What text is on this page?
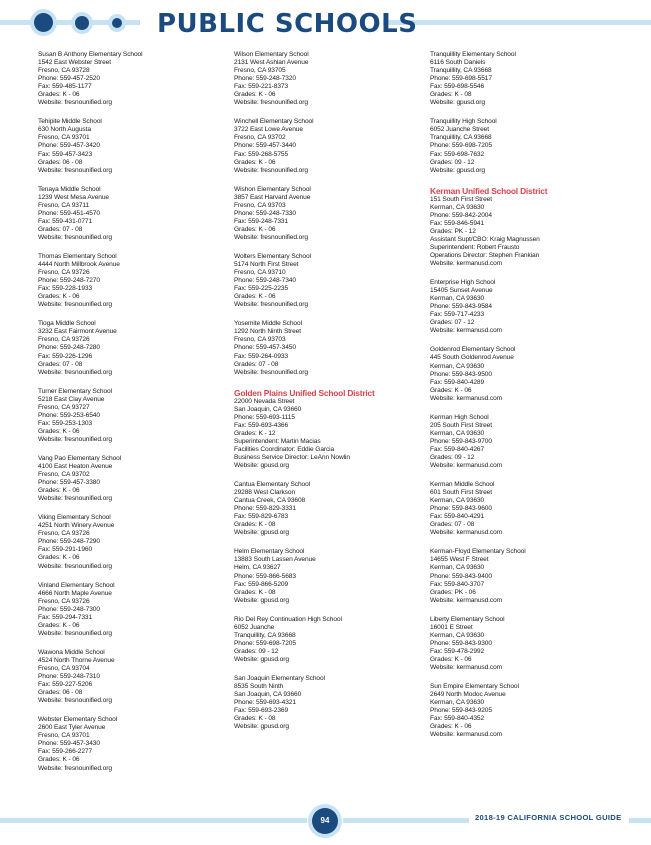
PUBLIC SCHOOLS
Susan B Anthony Elementary School
1542 East Webster Street
Fresno, CA 93728
Phone: 559-457-2520
Fax: 559-485-1177
Grades: K - 06
Website: fresnounified.org
Tehipite Middle School
630 North Augusta
Fresno, CA 93701
Phone: 559-457-3420
Fax: 559-457-3423
Grades: 06 - 08
Website: fresnounified.org
Tenaya Middle School
1239 West Mesa Avenue
Fresno, CA 93711
Phone: 559-451-4570
Fax: 559-431-0771
Grades: 07 - 08
Website: fresnounified.org
Thomas Elementary School
4444 North Millbrook Avenue
Fresno, CA 93726
Phone: 559-248-7270
Fax: 559-228-1933
Grades: K - 06
Website: fresnounified.org
Tioga Middle School
3232 East Fairmont Avenue
Fresno, CA 93726
Phone: 559-248-7280
Fax: 559-226-1296
Grades: 07 - 08
Website: fresnounified.org
Turner Elementary School
5218 East Clay Avenue
Fresno, CA 93727
Phone: 559-253-6540
Fax: 559-253-1303
Grades: K - 06
Website: fresnounified.org
Vang Pao Elementary School
4100 East Heaton Avenue
Fresno, CA 93702
Phone: 559-457-3380
Grades: K - 06
Website: fresnounified.org
Viking Elementary School
4251 North Winery Avenue
Fresno, CA 93726
Phone: 559-248-7290
Fax: 559-291-1960
Grades: K - 06
Website: fresnounified.org
Vinland Elementary School
4666 North Maple Avenue
Fresno, CA 93726
Phone: 559-248-7300
Fax: 559-294-7331
Grades: K - 06
Website: fresnounified.org
Wawona Middle School
4524 North Thorne Avenue
Fresno, CA 93704
Phone: 559-248-7310
Fax: 559-227-5206
Grades: 06 - 08
Website: fresnounified.org
Webster Elementary School
2600 East Tyler Avenue
Fresno, CA 93701
Phone: 559-457-3430
Fax: 559-266-2277
Grades: K - 06
Website: fresnounified.org
Wilson Elementary School
2131 West Ashlan Avenue
Fresno, CA 93705
Phone: 559-248-7320
Fax: 559-221-8373
Grades: K - 06
Website: fresnounified.org
Winchell Elementary School
3722 East Lowe Avenue
Fresno, CA 93702
Phone: 559-457-3440
Fax: 559-268-5755
Grades: K - 06
Website: fresnounified.org
Wishon Elementary School
3857 East Harvard Avenue
Fresno, CA 93703
Phone: 559-248-7330
Fax: 559-248-7331
Grades: K - 06
Website: fresnounified.org
Wolters Elementary School
5174 North First Street
Fresno, CA 93710
Phone: 559-248-7340
Fax: 559-225-2235
Grades: K - 06
Website: fresnounified.org
Yosemite Middle School
1292 North Ninth Street
Fresno, CA 93703
Phone: 559-457-3450
Fax: 559-264-0933
Grades: 07 - 08
Website: fresnounified.org
Golden Plains Unified School District
22000 Nevada Street
San Joaquin, CA 93660
Phone: 559-693-1115
Fax: 559-693-4366
Grades: K - 12
Superintendent: Martin Macias
Facilities Coordinator: Eddie Garcia
Business Service Director: LeAnn Nowlin
Website: gpusd.org
Cantua Elementary School
29288 West Clarkson
Cantua Creek, CA 93608
Phone: 559-829-3331
Fax: 559-829-6783
Grades: K - 08
Website: gpusd.org
Helm Elementary School
13883 South Lassen Avenue
Helm, CA 93627
Phone: 559-866-5683
Fax: 559-866-5209
Grades: K - 08
Website: gpusd.org
Rio Del Rey Continuation High School
6052 Juanche
Tranquillity, CA 93668
Phone: 559-698-7205
Grades: 09 - 12
Website: gpusd.org
San Joaquin Elementary School
8535 South Ninth
San Joaquin, CA 93660
Phone: 559-693-4321
Fax: 559-693-2369
Grades: K - 08
Website: gpusd.org
Tranquillity Elementary School
6116 South Daniels
Tranquillity, CA 93668
Phone: 559-698-5517
Fax: 559-698-5546
Grades: K - 08
Website: gpusd.org
Tranquillity High School
6052 Juanche Street
Tranquillity, CA 93668
Phone: 559-698-7205
Fax: 559-698-7632
Grades: 09 - 12
Website: gpusd.org
Kerman Unified School District
151 South First Street
Kerman, CA 93630
Phone: 559-842-2004
Fax: 559-846-5941
Grades: PK - 12
Assistant Supt/CBO: Kraig Magnussen
Superintendent: Robert Frausto
Operations Director: Stephen Frankian
Website: kermanusd.com
Enterprise High School
15405 Sunset Avenue
Kerman, CA 93630
Phone: 559-843-9584
Fax: 559-717-4233
Grades: 07 - 12
Website: kermanusd.com
Goldenrod Elementary School
445 South Goldenrod Avenue
Kerman, CA 93630
Phone: 559-843-9500
Fax: 559-840-4289
Grades: K - 06
Website: kermanusd.com
Kerman High School
205 South First Street
Kerman, CA 93630
Phone: 559-843-9700
Fax: 559-840-4267
Grades: 09 - 12
Website: kermanusd.com
Kerman Middle School
601 South First Street
Kerman, CA 93630
Phone: 559-843-9600
Fax: 559-840-4291
Grades: 07 - 08
Website: kermanusd.com
Kerman-Floyd Elementary School
14655 West F Street
Kerman, CA 93630
Phone: 559-843-9400
Fax: 559-840-3707
Grades: PK - 06
Website: kermanusd.com
Liberty Elementary School
16001 E Street
Kerman, CA 93630
Phone: 559-843-9300
Fax: 559-478-2992
Grades: K - 06
Website: kermanusd.com
Sun Empire Elementary School
2649 North Modoc Avenue
Kerman, CA 93630
Phone: 559-843-9205
Fax: 559-840-4352
Grades: K - 06
Website: kermanusd.com
94	2018-19 CALIFORNIA SCHOOL GUIDE
